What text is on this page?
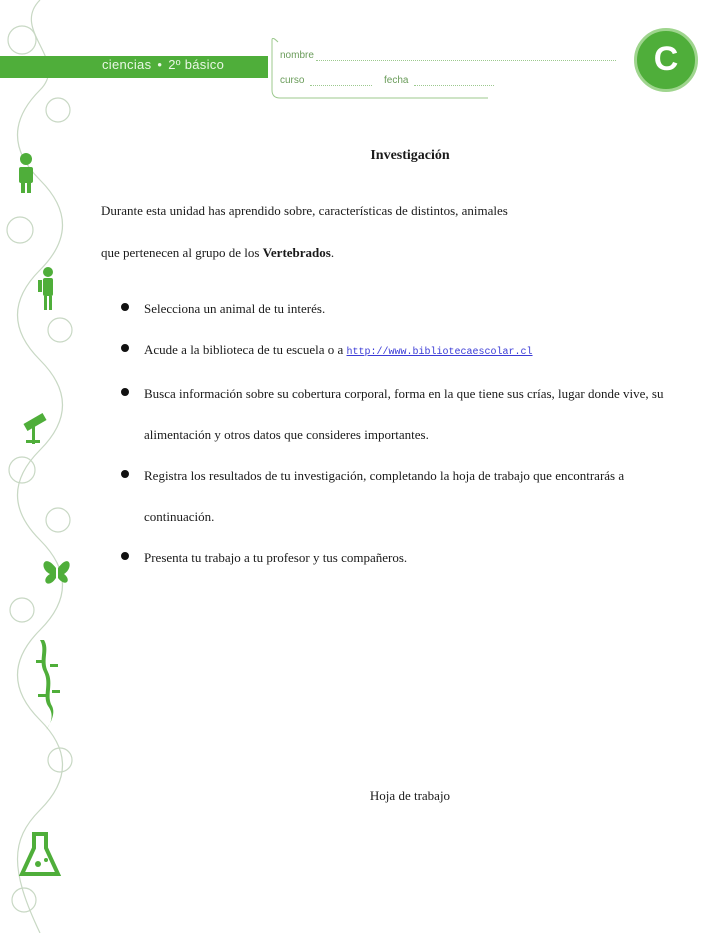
ciencias • 2º básico
nombre
curso	fecha
C
Investigación
Durante esta unidad has aprendido sobre, características de distintos, animales
que pertenecen al grupo de los Vertebrados.
Selecciona un animal de tu interés.
Acude a la biblioteca de tu escuela o a http://www.bibliotecaescolar.cl
Busca información sobre su cobertura corporal, forma en la que tiene sus crías, lugar donde vive, su alimentación y otros datos que consideres importantes.
Registra los resultados de tu investigación, completando la hoja de trabajo que encontrarás a continuación.
Presenta tu trabajo a tu profesor y tus compañeros.
Hoja de trabajo
